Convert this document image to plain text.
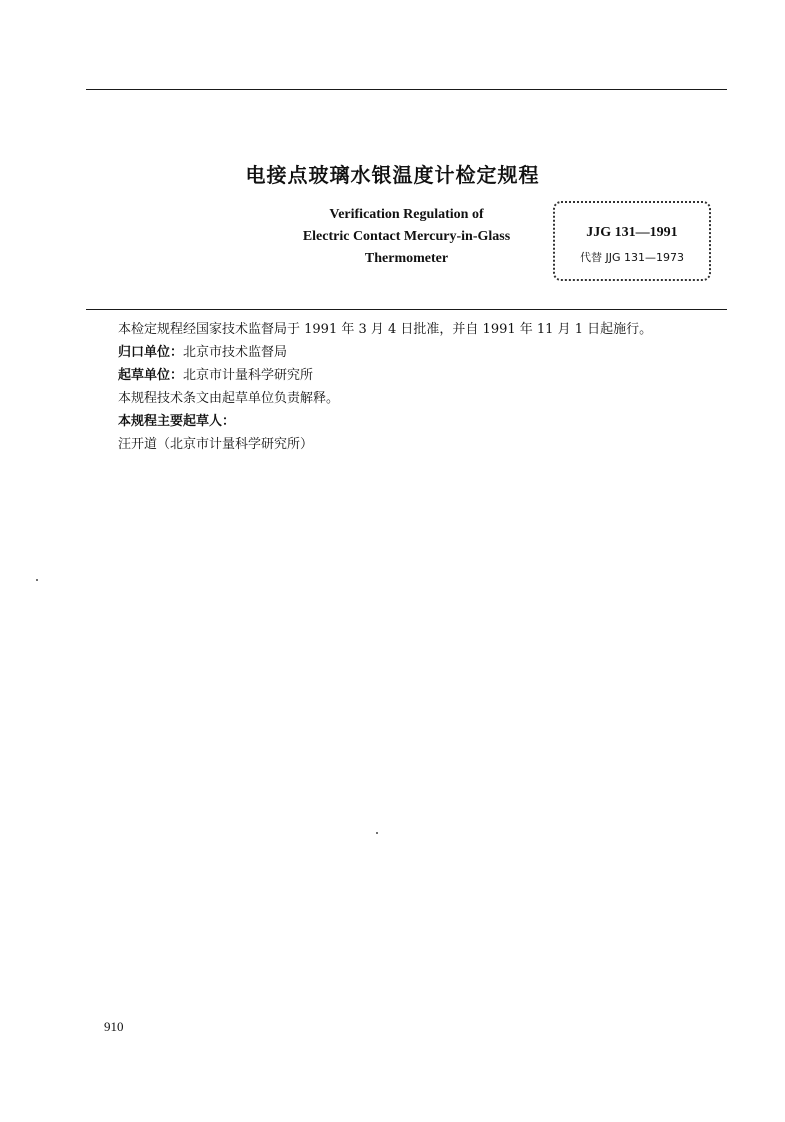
电接点玻璃水银温度计检定规程
Verification Regulation of
Electric Contact Mercury-in-Glass
Thermometer
JJG 131—1991
代替 JJG 131—1973

本检定规程经国家技术监督局于 1991 年 3 月 4 日批准，并自 1991 年 11 月 1 日起施行。

归口单位：北京市技术监督局

起草单位：北京市计量科学研究所

本规程技术条文由起草单位负责解释。

本规程主要起草人：

汪开道（北京市计量科学研究所）

910
